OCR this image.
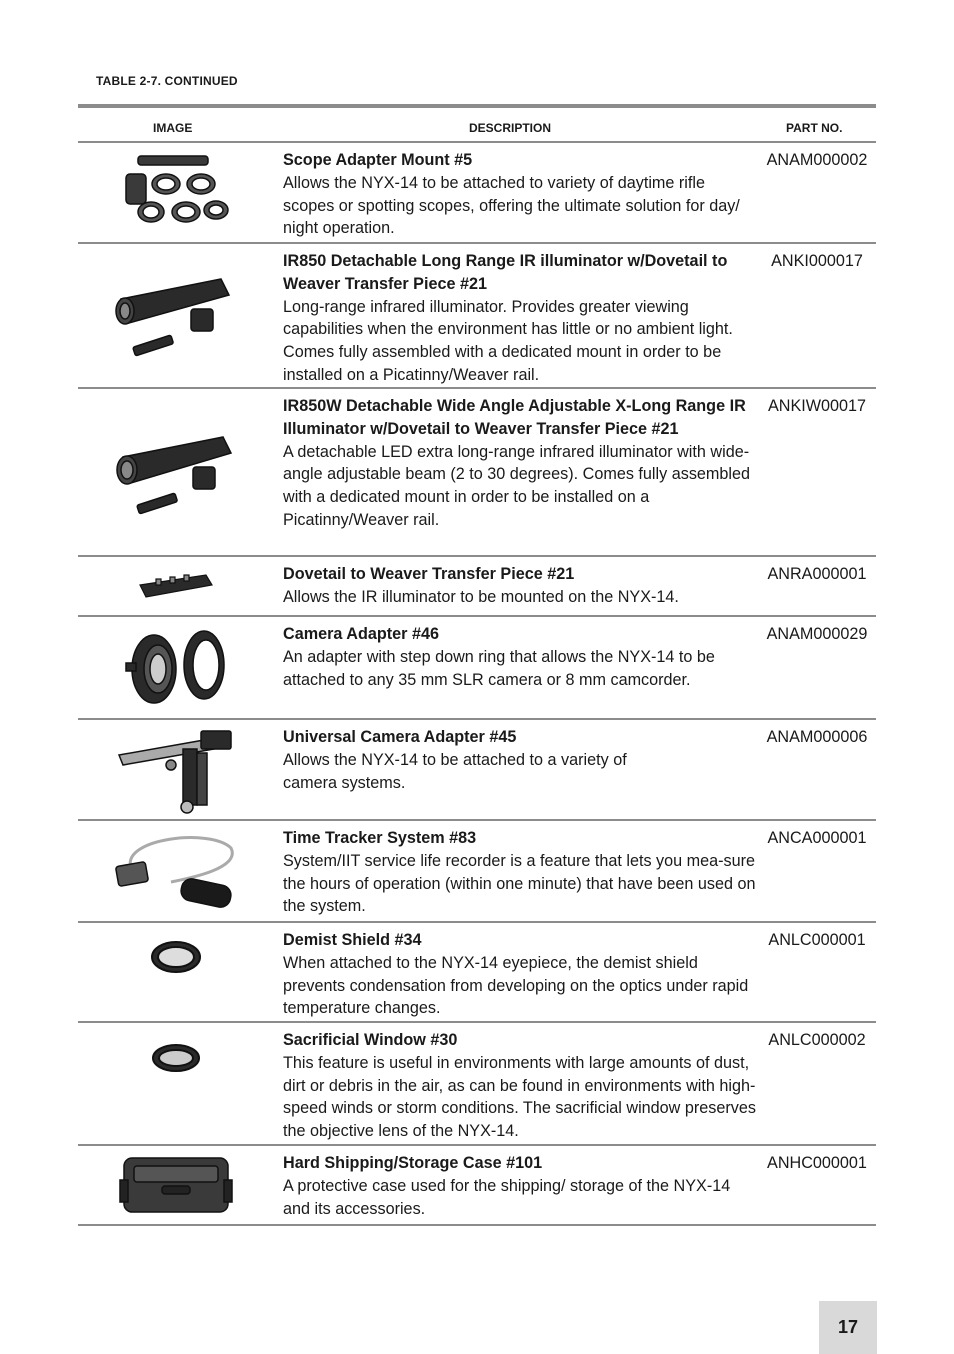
TABLE 2-7. CONTINUED
IMAGE	DESCRIPTION	PART NO.
Scope Adapter Mount #5
Allows the NYX-14 to be attached to variety of daytime rifle scopes or spotting scopes, offering the ultimate solution for day/ night operation.
ANAM000002
IR850 Detachable Long Range IR illuminator w/Dovetail to Weaver Transfer Piece #21
Long-range infrared illuminator. Provides greater viewing capabilities when the environment has little or no ambient light. Comes fully assembled with a dedicated mount in order to be installed on a Picatinny/Weaver rail.
ANKI000017
IR850W Detachable Wide Angle Adjustable X-Long Range IR Illuminator w/Dovetail to Weaver Transfer Piece #21
A detachable LED extra long-range infrared illuminator with wide-angle adjustable beam (2 to 30 degrees). Comes fully assembled with a dedicated mount in order to be installed on a Picatinny/Weaver rail.
ANKIW00017
Dovetail to Weaver Transfer Piece #21
Allows the IR illuminator to be mounted on the NYX-14.
ANRA000001
Camera Adapter #46
An adapter with step down ring that allows the NYX-14 to be attached to any 35 mm SLR camera or 8 mm camcorder.
ANAM000029
Universal Camera Adapter #45
Allows the NYX-14 to be attached to a variety of camera systems.
ANAM000006
Time Tracker System #83
System/IIT service life recorder is a feature that lets you mea-sure the hours of operation (within one minute) that have been used on the system.
ANCA000001
Demist Shield #34
When attached to the NYX-14 eyepiece, the demist shield prevents condensation from developing on the optics under rapid temperature changes.
ANLC000001
Sacrificial Window #30
This feature is useful in environments with large amounts of dust, dirt or debris in the air, as can be found in environments with high-speed winds or storm conditions. The sacrificial window preserves the objective lens of the NYX-14.
ANLC000002
Hard Shipping/Storage Case #101
A protective case used for the shipping/ storage of the NYX-14 and its accessories.
ANHC000001
17
